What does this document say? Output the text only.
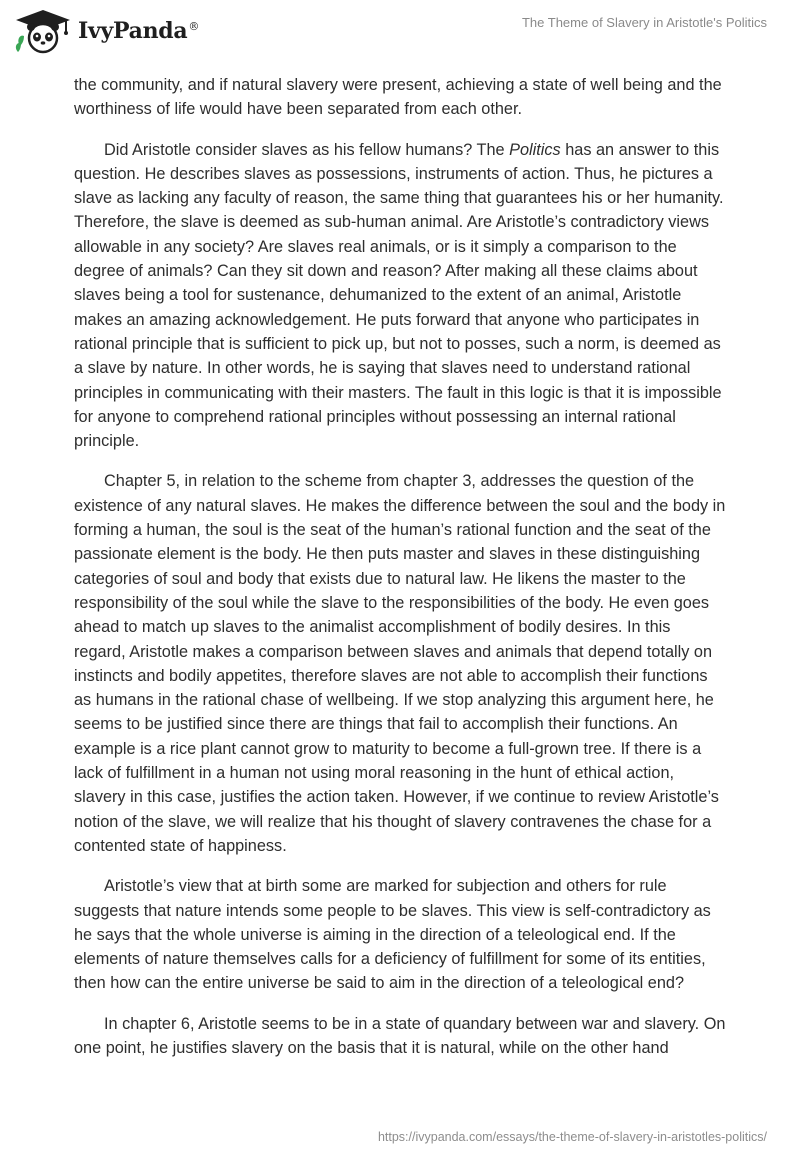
IvyPanda®	The Theme of Slavery in Aristotle's Politics

the community, and if natural slavery were present, achieving a state of well being and the worthiness of life would have been separated from each other.

Did Aristotle consider slaves as his fellow humans? The Politics has an answer to this question. He describes slaves as possessions, instruments of action. Thus, he pictures a slave as lacking any faculty of reason, the same thing that guarantees his or her humanity. Therefore, the slave is deemed as sub-human animal. Are Aristotle’s contradictory views allowable in any society? Are slaves real animals, or is it simply a comparison to the degree of animals? Can they sit down and reason? After making all these claims about slaves being a tool for sustenance, dehumanized to the extent of an animal, Aristotle makes an amazing acknowledgement. He puts forward that anyone who participates in rational principle that is sufficient to pick up, but not to posses, such a norm, is deemed as a slave by nature. In other words, he is saying that slaves need to understand rational principles in communicating with their masters. The fault in this logic is that it is impossible for anyone to comprehend rational principles without possessing an internal rational principle.

Chapter 5, in relation to the scheme from chapter 3, addresses the question of the existence of any natural slaves. He makes the difference between the soul and the body in forming a human, the soul is the seat of the human’s rational function and the seat of the passionate element is the body. He then puts master and slaves in these distinguishing categories of soul and body that exists due to natural law. He likens the master to the responsibility of the soul while the slave to the responsibilities of the body. He even goes ahead to match up slaves to the animalist accomplishment of bodily desires. In this regard, Aristotle makes a comparison between slaves and animals that depend totally on instincts and bodily appetites, therefore slaves are not able to accomplish their functions as humans in the rational chase of wellbeing. If we stop analyzing this argument here, he seems to be justified since there are things that fail to accomplish their functions. An example is a rice plant cannot grow to maturity to become a full-grown tree. If there is a lack of fulfillment in a human not using moral reasoning in the hunt of ethical action, slavery in this case, justifies the action taken. However, if we continue to review Aristotle’s notion of the slave, we will realize that his thought of slavery contravenes the chase for a contented state of happiness.

Aristotle’s view that at birth some are marked for subjection and others for rule suggests that nature intends some people to be slaves. This view is self-contradictory as he says that the whole universe is aiming in the direction of a teleological end. If the elements of nature themselves calls for a deficiency of fulfillment for some of its entities, then how can the entire universe be said to aim in the direction of a teleological end?

In chapter 6, Aristotle seems to be in a state of quandary between war and slavery. On one point, he justifies slavery on the basis that it is natural, while on the other hand

https://ivypanda.com/essays/the-theme-of-slavery-in-aristotles-politics/
